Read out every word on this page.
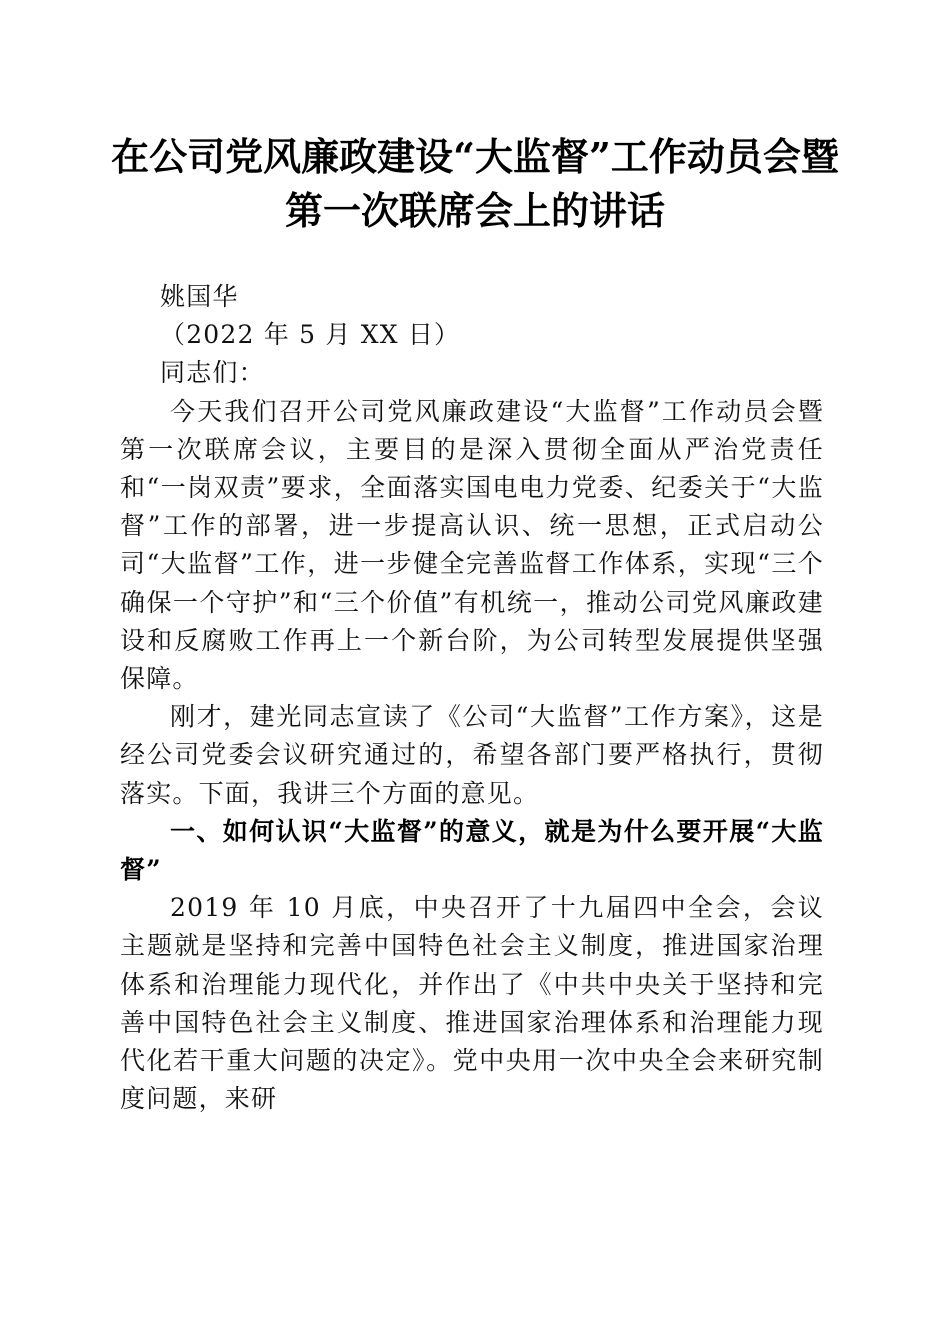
在公司党风廉政建设“大监督”工作动员会暨
第一次联席会上的讲话

姚国华

（2022 年 5 月 XX 日）

同志们：

今天我们召开公司党风廉政建设“大监督”工作动员会暨第一次联席会议，主要目的是深入贯彻全面从严治党责任和“一岗双责”要求，全面落实国电电力党委、纪委关于“大监督”工作的部署，进一步提高认识、统一思想，正式启动公司“大监督”工作，进一步健全完善监督工作体系，实现“三个确保一个守护”和“三个价值”有机统一，推动公司党风廉政建设和反腐败工作再上一个新台阶，为公司转型发展提供坚强保障。

刚才，建光同志宣读了《公司“大监督”工作方案》，这是经公司党委会议研究通过的，希望各部门要严格执行，贯彻落实。下面，我讲三个方面的意见。

一、如何认识“大监督”的意义，就是为什么要开展“大监督”

2019 年 10 月底，中央召开了十九届四中全会，会议主题就是坚持和完善中国特色社会主义制度，推进国家治理体系和治理能力现代化，并作出了《中共中央关于坚持和完善中国特色社会主义制度、推进国家治理体系和治理能力现代化若干重大问题的决定》。党中央用一次中央全会来研究制度问题，来研
